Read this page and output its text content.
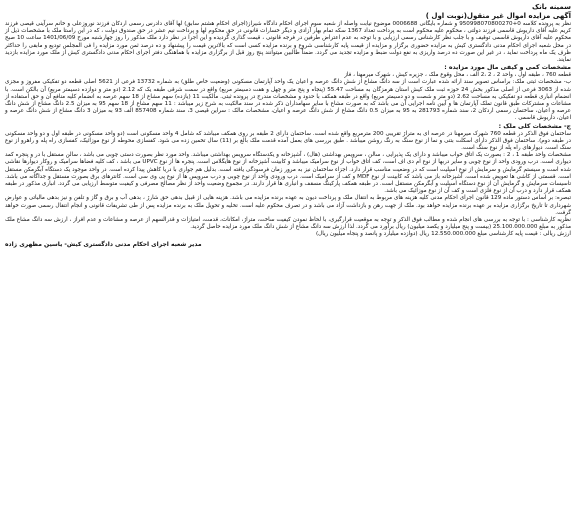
سمینه بانک

آگهی مزایده اموال غیر منقول(نوبت اول )

نظر به پرونده کلاسه 0+950998070800270 و شماره بایگانی 0006688 موضوع نیابت واصله از شعبه سوم اجرای احکام دادگاه شیراز(اجرای احکام هشتم سابق) لها آقای دادرس رسمی اردکان فرزند نوروزعلی و خانم سرآینی قیصی فرزند کریم علیه آقای داریوش قاسمی فرزند دولتی ، محکوم علیه محکوم است به پرداخت تعداد 1367 سکه تمام بهار آزادی و دیگر خسارات قانونی در حق محکوم لها و پرداخت نیم عشر در حق صندوق دولت ، که در این راستا ملک با مشخصات ذیل از محکوم علیه آقای داریوش قاسمی توقیف و با جلب نظر کارشناس رسمی ارزیابی و با توجه به عدم اعتراض طرفین در فرجه قانونی ، قیمت گذاری گردیده و این اجرا در نظر دارد ملک مذکور را روز چهارشنبه مورخ 1401/06/09 ساعت 10 صبح در محل شعبه اجرای احکام مدنی دادگستری کیش به مزایده حضوری برگزار و مزایده از قیمت پایه کارشناسی شروع و برنده مزایده کسی است که بالاترین قیمت را پیشنهاد و ده درصد ثمن مورد مزایده را فی المجلس تودیع و مابقی را حداکثر ظرف یک ماه پرداخت نماید ، در غیر این صورت ده درصد واریزی به نفع دولت ضبط و مزایده تجدید می گردد. ضمناً طالبین میتوانند پنج روز قبل از برگزاری مزایده با هماهنگی دفتر اجرای احکام مدنی دادگستری کیش از ملک مورد مزایده بازدید نمایند.

مشخصات کمی و کیفی مال مورد مزایده :

قطعه 760 ، طبقه اول ، واحد 2 ، 2 ،2 الف ، محل وقوع ملک ، جزیره کیش ، شهرک میرمهنا ، فاز

ب- مشخصات ثبتی ملک: براساس تصویر سند ارائه شده عبارت است از سه دانگ مشاع از شش دانگ عرصه و اعیان یک واحد آپارتمان مسکونی (وضعیت خاص طلق) به شماره 13732 فرعی از 5621 اصلی قطعه دو تفکیکی مفروز و مجزی شده از 3063 فرعی از اصلی مذکور بخش 24 حوزه ثبت ملک کیش استان هرمزگان به مساحت 55.47 (پنجاه و پنج متر و چهل و هفت دسیمتر مربع) واقع در سمت شرقی طبقه یک که 2.12 (دو متر و دوازده دسیمتر مربع) آن بالکن است. با انضمام انباری قطعه دو تفکیکی به مساحت 2.62 (دو متر و شصت و دو دسیمتر مربع) واقع در طبقه همکف با حدود و مشخصات مندرج در پرونده ثبتی. مالکیت 11 (یازده) سهم مشاع از 18 سهم عرصه به انضمام کلیه منافع آن و حق استفاده از مشاعات و مشترکات طبق قانون تملک آپارتمان ها و آیین نامه اجرایی آن می باشد که به صورت مشاع با سایر سهامداران ذکر شده در سند مالکیت به شرح زیر میباشد : 11 سهم مشاع از 18 سهم 95 به میزان 2.5 دانگ مشاع از شش دانگ عرصه و اعیان، ساختمان رسمی اردکان 2، سند شماره 281793 به 95 به میزان 0.5 دانگ مشاع از شش دانگ عرصه و اعیان، مشخصات مالک : سراین قیصی 3، سند شماره 857408 الف 93 به میزان 3 دانگ مشاع از شش دانگ عرصه و اعیان، داریوش قاسمی .

ج- مشخصات کلی ملک :

ساختمان فوق الذکر در قطعه 760 شهرک میرمهنا در عرصه ای به متراژ تقریبی 200 مترمربع واقع شده است. ساختمان دارای 2 طبقه بر روی همکف میباشد که شامل 4 واحد مسکونی است (دو واحد مسکونی در طبقه اول و دو واحد مسکونی در طبقه دوم). ساختمان فوق الذکر دارای اسکلت بتنی و نما از نوع سنگ به رنگ روشن میباشد . طبق بررسی های بعمل آمده قدمت ملک بالغ بر (11) سال تخمین زده می شود. کفسازی محوطه از نوع موزائیک، کفسازی راه پله و راهرو از نوع سنگ است. دیوارهای راه پله از نوع سنگ است.

مشخصات واحد طبقه 1 ، 2 : بصورت یک اتاق خواب میباشد و دارای یک پذیرایی ، سالن ، سرویس بهداشتی (هال) ، آشپزخانه و یکدستگاه سرویس بهداشتی میباشد. واحد مورد نظر بصورت دستی چوبی می باشد ، سالن مستقل با در و پنجره کمد دیواری است. درب ورودی واحد از نوع چوبی و سایر دربها از نوع ام دی اف است، کف اتاق خواب از نوع سرامیک میباشد و کابینت آشپزخانه از نوع هایگلاس است. پنجره ها از نوع UPVC می باشد ، کف کلیه فضاها سرامیک و روکار دیوارها نقاشی شده است و سیستم گرمایش و سرمایش از نوع اسپلیت است که در وضعیت مناسب قرار دارد. اجزاء ساختمان نیز به مرور زمان فرسودگی یافته است. بدلیل هم جواری با دریا کاهش پیدا کرده است. در واحد موجود یک دستگاه آبگرمکن مستقل است. قسمتی از کاشی ها تعویض شده است. آشپزخانه باز می باشد که کابینت از نوع MDF و کف از سرامیک است. درب ورودی واحد از نوع چوبی و درب سرویس ها از نوع پی وی سی است. کانترهای برق بصورت مستقل و جداگانه می باشد. تاسیسات سرمایش و گرمایش آن از نوع دستگاه اسپلیت و آبگرمکن مستقل است. در طبقه همکف پارکینگ مسقف و انباری ها قرار دارند. در مجموع وضعیت واحد از نظر مصالح مصرفی و کیفیت متوسط ارزیابی می گردد. انباری مذکور در طبقه همکف قرار دارد و درب آن از نوع فلزی است و کف آن از نوع موزائیک می باشد.

تبصره: بر اساس دستور ماده 129 قانون اجرای احکام مدنی کلیه هزینه های مربوط به انتقال ملک و پرداخت دیون به عهده برنده مزایده می باشد. هزینه هایی از قبیل بدهی حق شارژ ، بدهی آب و برق و گاز و تلفن و نیز بدهی مالیاتی و عوارض شهرداری تا تاریخ برگزاری مزایده بر عهده برنده مزایده خواهد بود. ملک از جهت رهن و بازداشت آزاد می باشد و در تصرف محکوم علیه است. تخلیه و تحویل ملک به برنده مزایده پس از طی تشریفات قانونی و انجام انتقال رسمی صورت خواهد گرفت.

نظریه کارشناسی : با توجه به بررسی های انجام شده و مطالب فوق الذکر و توجه به موقعیت قرارگیری، با لحاظ نمودن کیفیت ساخت، متراژ، امکانات، قدمت، امتیازات و قدرالسهم از عرصه و مشاعات و عدم افراز ، ارزش سه دانگ مشاع ملک مذکور به مبلغ 25.100.000.000 (بیست و پنج میلیارد و یکصد میلیون) ریال برآورد می گردد. لذا ارزش سه دانگ مشاع از شش دانگ ملک مورد مزایده حاصل گردید.

ارزش ریالی : قیمت پایه کارشناسی مبلغ 12.550.000.000 ریال (دوازده میلیارد و پانصد و پنجاه میلیون ریال)

مدیر شعبه اجرای احکام مدنی دادگستری کیش- یاسین مظهری زاده
